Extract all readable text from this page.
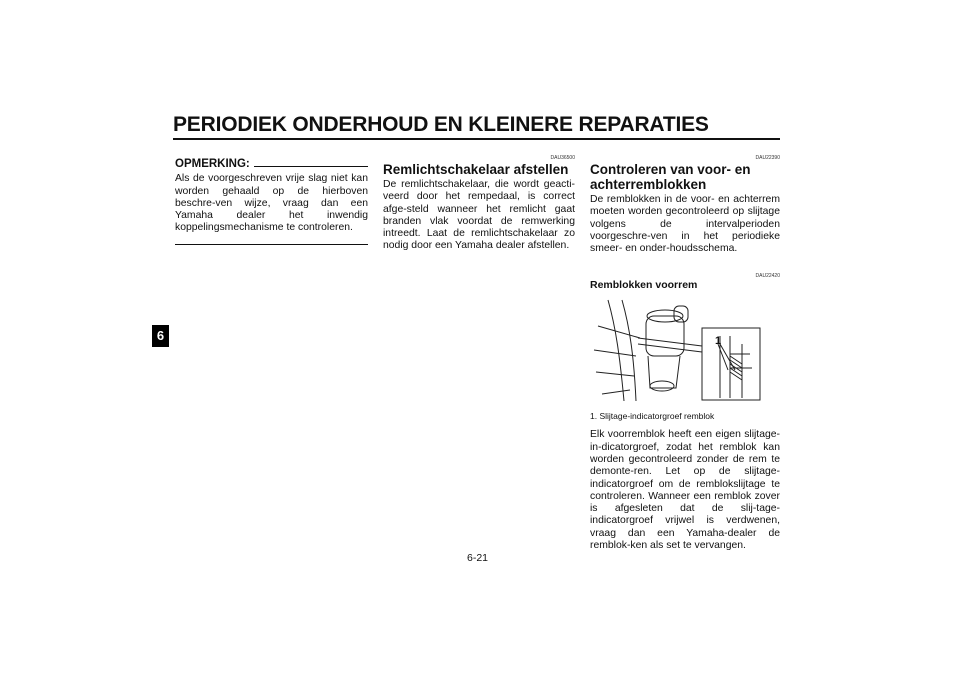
PERIODIEK ONDERHOUD EN KLEINERE REPARATIES
6
OPMERKING:
Als de voorgeschreven vrije slag niet kan worden gehaald op de hierboven beschre-ven wijze, vraag dan een Yamaha dealer het inwendig koppelingsmechanisme te controleren.
DAU36500
Remlichtschakelaar afstellen

De remlichtschakelaar, die wordt geacti-veerd door het rempedaal, is correct afge-steld wanneer het remlicht gaat branden vlak voordat de remwerking intreedt. Laat de remlichtschakelaar zo nodig door een Yamaha dealer afstellen.

DAU22390
Controleren van voor- en achterremblokken

De remblokken in de voor- en achterrem moeten worden gecontroleerd op slijtage volgens de intervalperioden voorgeschre-ven in het periodieke smeer- en onder-houdsschema.

DAU22420
Remblokken voorrem
1
1. Slijtage-indicatorgroef remblok

Elk voorremblok heeft een eigen slijtage-in-dicatorgroef, zodat het remblok kan worden gecontroleerd zonder de rem te demonte-ren. Let op de slijtage-indicatorgroef om de remblokslijtage te controleren. Wanneer een remblok zover is afgesleten dat de slij-tage-indicatorgroef vrijwel is verdwenen, vraag dan een Yamaha-dealer de remblok-ken als set te vervangen.

6-21
